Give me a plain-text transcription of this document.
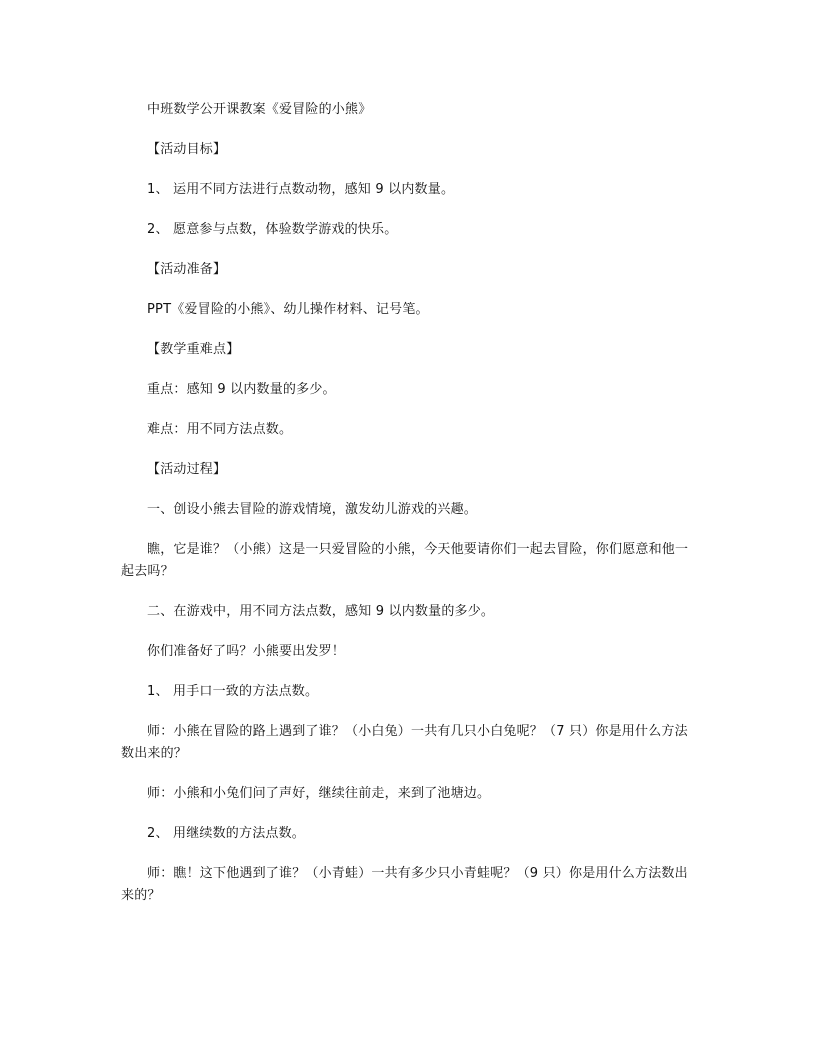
中班数学公开课教案《爱冒险的小熊》

【活动目标】

1、 运用不同方法进行点数动物，感知 9 以内数量。

2、 愿意参与点数，体验数学游戏的快乐。

【活动准备】

PPT《爱冒险的小熊》、幼儿操作材料、记号笔。

【教学重难点】

重点：感知 9 以内数量的多少。

难点：用不同方法点数。

【活动过程】

一、创设小熊去冒险的游戏情境，激发幼儿游戏的兴趣。

瞧，它是谁？（小熊）这是一只爱冒险的小熊，今天他要请你们一起去冒险，你们愿意和他一起去吗？

二、在游戏中，用不同方法点数，感知 9 以内数量的多少。

你们准备好了吗？小熊要出发罗！

1、 用手口一致的方法点数。

师：小熊在冒险的路上遇到了谁？（小白兔）一共有几只小白兔呢？（7 只）你是用什么方法数出来的？

师：小熊和小兔们问了声好，继续往前走，来到了池塘边。

2、 用继续数的方法点数。

师：瞧！这下他遇到了谁？（小青蛙）一共有多少只小青蛙呢？（9 只）你是用什么方法数出来的？
